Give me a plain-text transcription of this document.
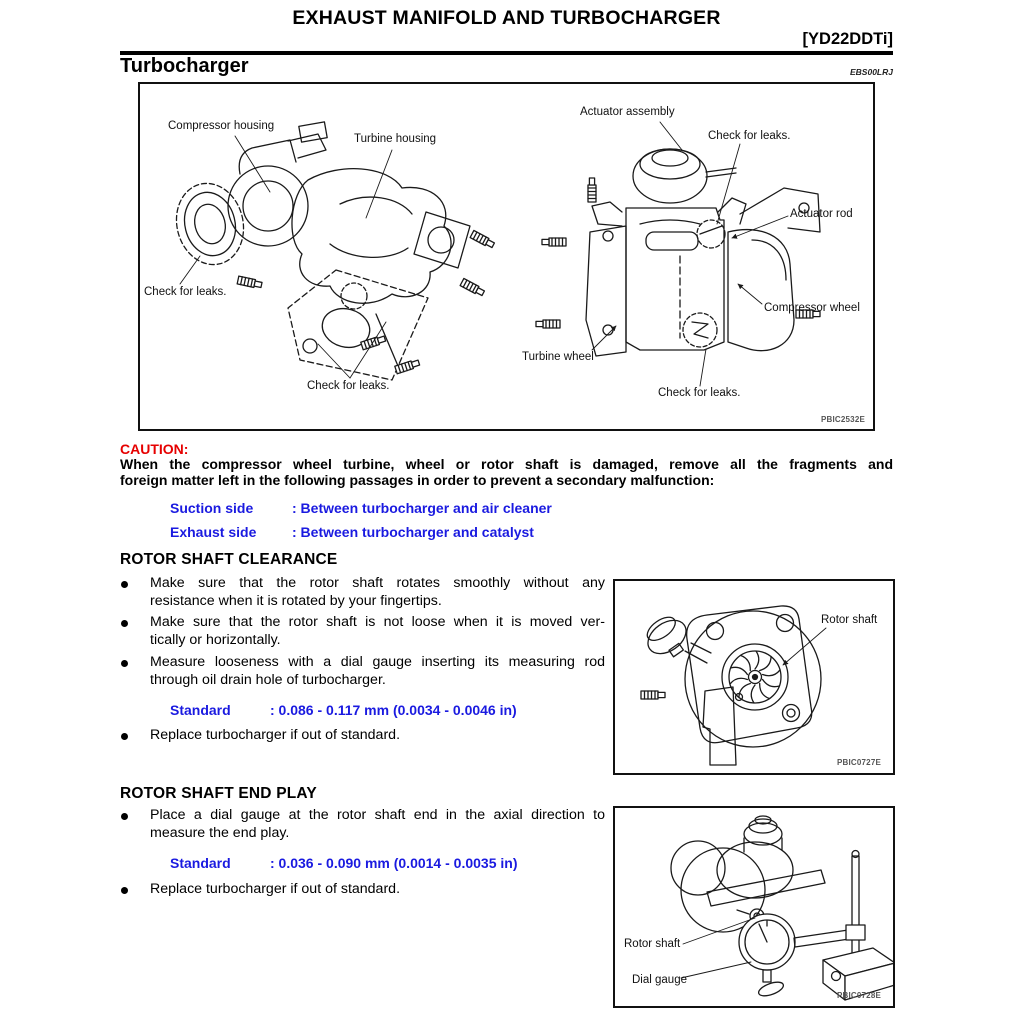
EXHAUST MANIFOLD AND TURBOCHARGER
[YD22DDTi]
Turbocharger	EBS00LRJ
Compressor housing
Turbine housing
Check for leaks.
Check for leaks.
Actuator assembly
Check for leaks.
Actuator rod
Compressor wheel
Turbine wheel
Check for leaks.
PBIC2532E
CAUTION:
When the compressor wheel turbine, wheel or rotor shaft is damaged, remove all the fragments and
foreign matter left in the following passages in order to prevent a secondary malfunction:
Suction side	: Between turbocharger and air cleaner
Exhaust side	: Between turbocharger and catalyst
ROTOR SHAFT CLEARANCE
Make sure that the rotor shaft rotates smoothly without any
resistance when it is rotated by your fingertips.
Make sure that the rotor shaft is not loose when it is moved ver-
tically or horizontally.
Measure looseness with a dial gauge inserting its measuring rod
through oil drain hole of turbocharger.
Standard	: 0.086 - 0.117 mm (0.0034 - 0.0046 in)
Replace turbocharger if out of standard.
Rotor shaft
PBIC0727E
ROTOR SHAFT END PLAY
Place a dial gauge at the rotor shaft end in the axial direction to
measure the end play.
Standard	: 0.036 - 0.090 mm (0.0014 - 0.0035 in)
Replace turbocharger if out of standard.
Rotor shaft
Dial gauge
PBIC0728E
